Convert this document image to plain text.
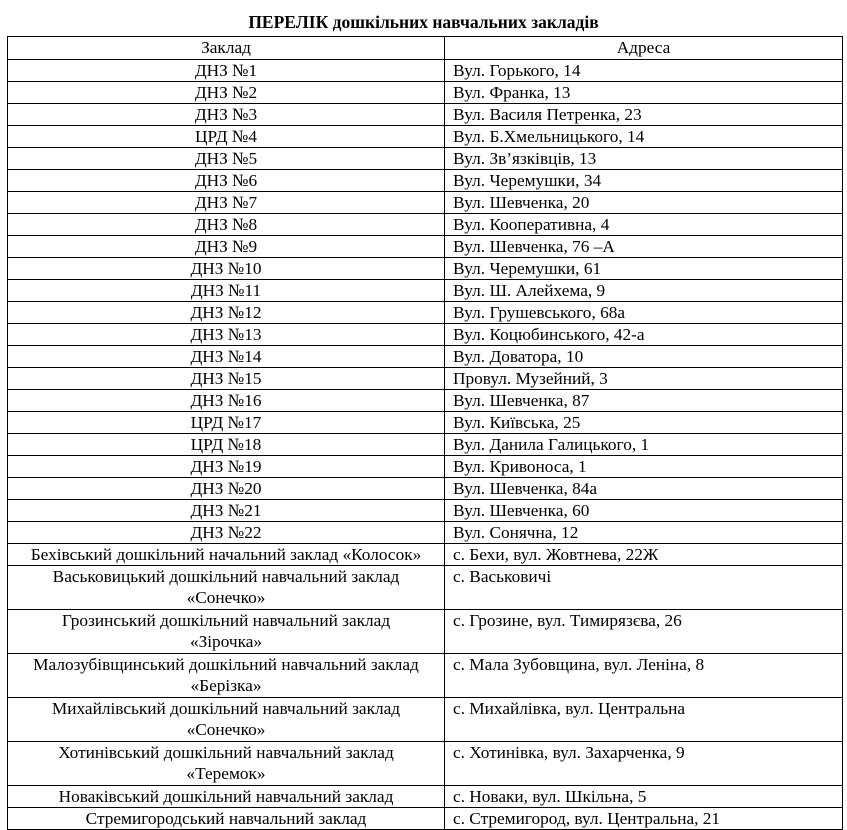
ПЕРЕЛІК дошкільних навчальних закладів
Заклад	Адреса

ДНЗ №1	Вул. Горького, 14

ДНЗ №2	Вул. Франка, 13

ДНЗ №3	Вул. Василя Петренка, 23

ЦРД №4	Вул. Б.Хмельницького, 14

ДНЗ №5	Вул. Зв’язківців, 13

ДНЗ №6	Вул. Черемушки, 34

ДНЗ №7	Вул. Шевченка, 20

ДНЗ №8	Вул. Кооперативна, 4

ДНЗ №9	Вул. Шевченка, 76 –А

ДНЗ №10	Вул. Черемушки, 61

ДНЗ №11	Вул. Ш. Алейхема, 9

ДНЗ №12	Вул. Грушевського, 68а

ДНЗ №13	Вул. Коцюбинського, 42-а

ДНЗ №14	Вул. Доватора, 10

ДНЗ №15	Провул. Музейний, 3

ДНЗ №16	Вул. Шевченка, 87

ЦРД №17	Вул. Київська, 25

ЦРД №18	Вул. Данила Галицького, 1

ДНЗ №19	Вул. Кривоноса, 1

ДНЗ №20	Вул. Шевченка, 84а

ДНЗ №21	Вул. Шевченка, 60

ДНЗ №22	Вул. Сонячна, 12

Бехівський дошкільний начальний заклад «Колосок»	с. Бехи, вул. Жовтнева, 22Ж

Васьковицький дошкільний навчальний заклад
«Сонечко»	с. Васьковичі

Грозинський дошкільний навчальний заклад
«Зірочка»	с. Грозине, вул. Тимирязєва, 26

Малозубівщинський дошкільний навчальний заклад
«Берізка»	с. Мала Зубовщина, вул. Леніна, 8

Михайлівський дошкільний навчальний заклад
«Сонечко»	с. Михайлівка, вул. Центральна

Хотинівський дошкільний навчальний заклад
«Теремок»	с. Хотинівка, вул. Захарченка, 9

Новаківський дошкільний навчальний заклад	с. Новаки, вул. Шкільна, 5

Стремигородський навчальний заклад	с. Стремигород, вул. Центральна, 21
